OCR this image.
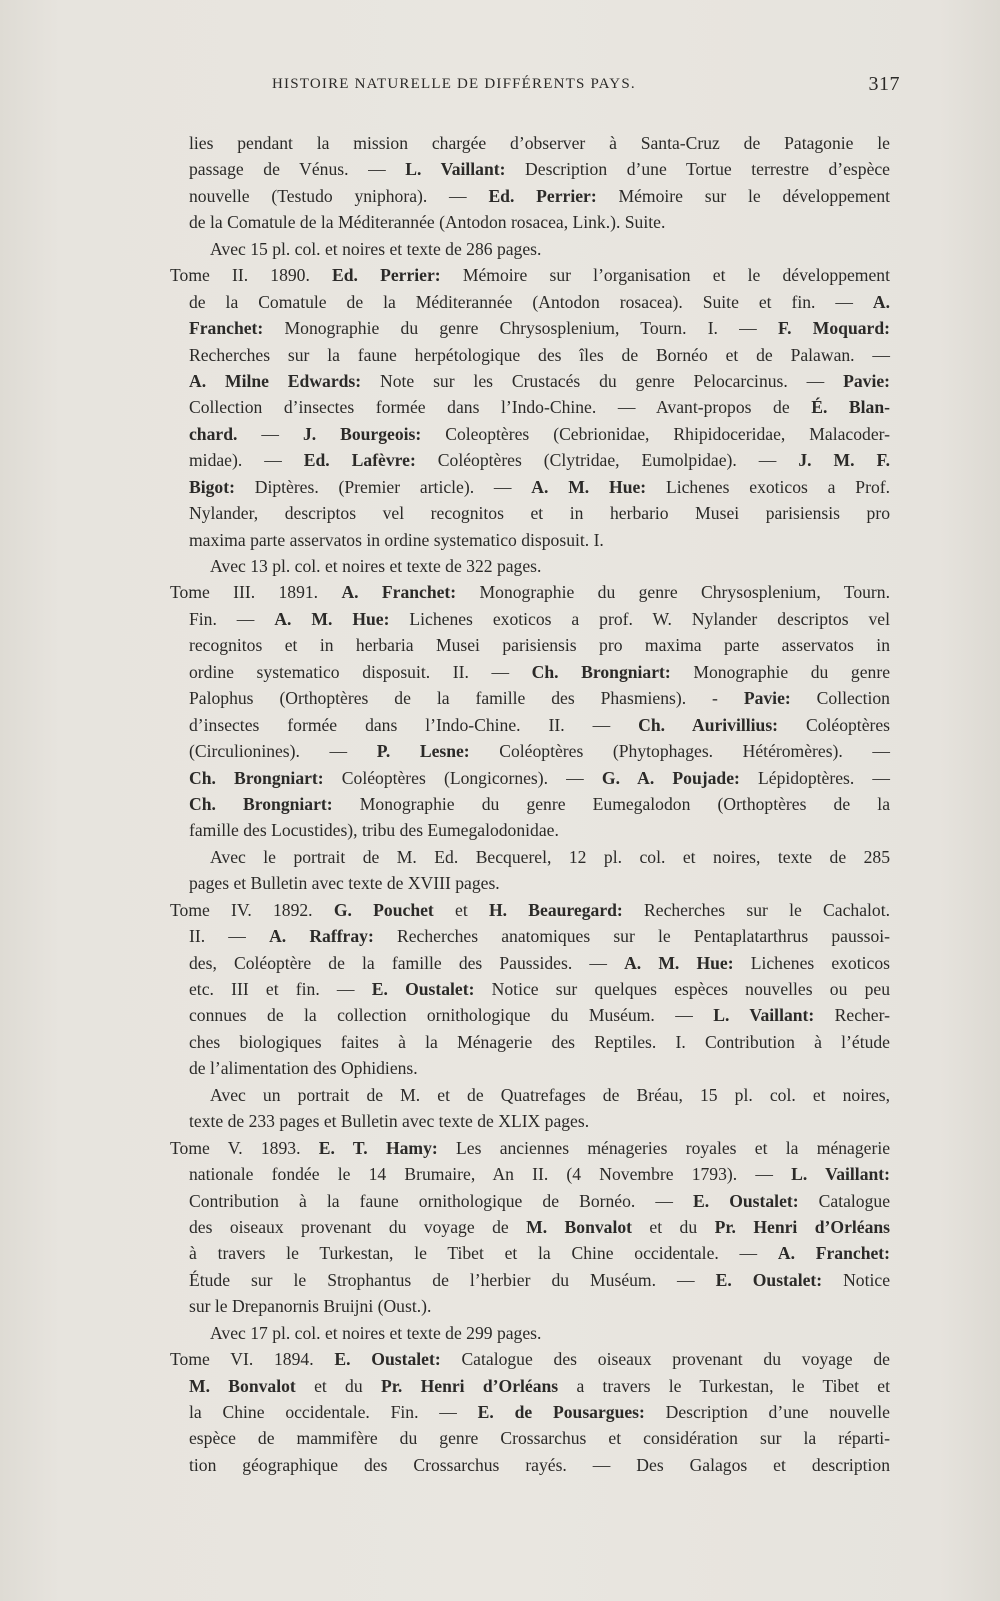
HISTOIRE NATURELLE DE DIFFÉRENTS PAYS.	317
lies pendant la mission chargée d’observer à Santa-Cruz de Patagonie le
passage de Vénus. — L. Vaillant: Description d’une Tortue terrestre d’espèce
nouvelle (Testudo yniphora). — Ed. Perrier: Mémoire sur le développement
de la Comatule de la Méditerannée (Antodon rosacea, Link.). Suite.
Avec 15 pl. col. et noires et texte de 286 pages.
Tome II. 1890. Ed. Perrier: Mémoire sur l’organisation et le développement
de la Comatule de la Méditerannée (Antodon rosacea). Suite et fin. — A.
Franchet: Monographie du genre Chrysosplenium, Tourn. I. — F. Moquard:
Recherches sur la faune herpétologique des îles de Bornéo et de Palawan. —
A. Milne Edwards: Note sur les Crustacés du genre Pelocarcinus. — Pavie:
Collection d’insectes formée dans l’Indo-Chine. — Avant-propos de É. Blan-
chard. — J. Bourgeois: Coleoptères (Cebrionidae, Rhipidoceridae, Malacoder-
midae). — Ed. Lafèvre: Coléoptères (Clytridae, Eumolpidae). — J. M. F.
Bigot: Diptères. (Premier article). — A. M. Hue: Lichenes exoticos a Prof.
Nylander, descriptos vel recognitos et in herbario Musei parisiensis pro
maxima parte asservatos in ordine systematico disposuit. I.
Avec 13 pl. col. et noires et texte de 322 pages.
Tome III. 1891. A. Franchet: Monographie du genre Chrysosplenium, Tourn.
Fin. — A. M. Hue: Lichenes exoticos a prof. W. Nylander descriptos vel
recognitos et in herbaria Musei parisiensis pro maxima parte asservatos in
ordine systematico disposuit. II. — Ch. Brongniart: Monographie du genre
Palophus (Orthoptères de la famille des Phasmiens). - Pavie: Collection
d’insectes formée dans l’Indo-Chine. II. — Ch. Aurivillius: Coléoptères
(Circulionines). — P. Lesne: Coléoptères (Phytophages. Hétéromères). —
Ch. Brongniart: Coléoptères (Longicornes). — G. A. Poujade: Lépidoptères. —
Ch. Brongniart: Monographie du genre Eumegalodon (Orthoptères de la
famille des Locustides), tribu des Eumegalodonidae.
Avec le portrait de M. Ed. Becquerel, 12 pl. col. et noires, texte de 285
pages et Bulletin avec texte de XVIII pages.
Tome IV. 1892. G. Pouchet et H. Beauregard: Recherches sur le Cachalot.
II. — A. Raffray: Recherches anatomiques sur le Pentaplatarthrus paussoi-
des, Coléoptère de la famille des Paussides. — A. M. Hue: Lichenes exoticos
etc. III et fin. — E. Oustalet: Notice sur quelques espèces nouvelles ou peu
connues de la collection ornithologique du Muséum. — L. Vaillant: Recher-
ches biologiques faites à la Ménagerie des Reptiles. I. Contribution à l’étude
de l’alimentation des Ophidiens.
Avec un portrait de M. et de Quatrefages de Bréau, 15 pl. col. et noires,
texte de 233 pages et Bulletin avec texte de XLIX pages.
Tome V. 1893. E. T. Hamy: Les anciennes ménageries royales et la ménagerie
nationale fondée le 14 Brumaire, An II. (4 Novembre 1793). — L. Vaillant:
Contribution à la faune ornithologique de Bornéo. — E. Oustalet: Catalogue
des oiseaux provenant du voyage de M. Bonvalot et du Pr. Henri d’Orléans
à travers le Turkestan, le Tibet et la Chine occidentale. — A. Franchet:
Étude sur le Strophantus de l’herbier du Muséum. — E. Oustalet: Notice
sur le Drepanornis Bruijni (Oust.).
Avec 17 pl. col. et noires et texte de 299 pages.
Tome VI. 1894. E. Oustalet: Catalogue des oiseaux provenant du voyage de
M. Bonvalot et du Pr. Henri d’Orléans a travers le Turkestan, le Tibet et
la Chine occidentale. Fin. — E. de Pousargues: Description d’une nouvelle
espèce de mammifère du genre Crossarchus et considération sur la réparti-
tion géographique des Crossarchus rayés. — Des Galagos et description
